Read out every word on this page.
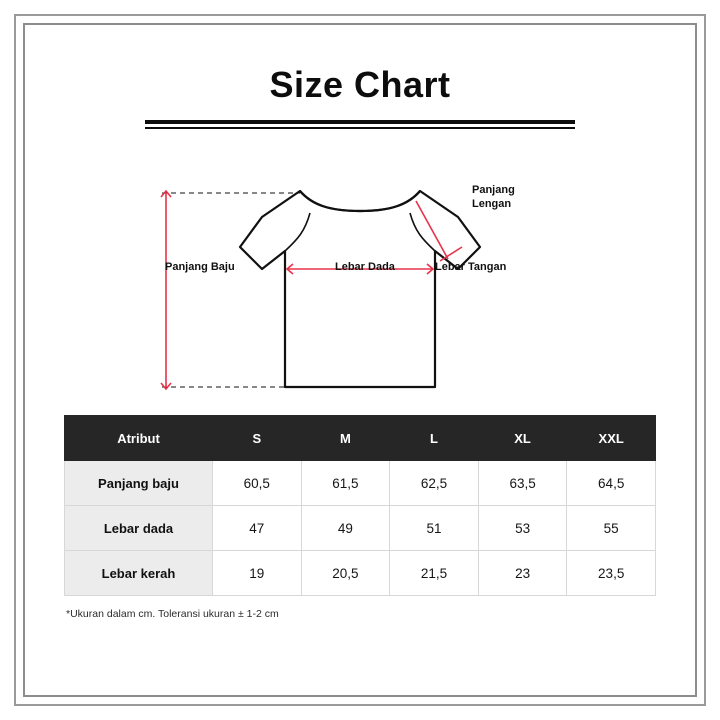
Size Chart
Panjang Baju	Lebar Dada
Panjang
Lengan
Lebar Tangan
Atribut	S	M	L	XL	XXL
Panjang baju	60,5	61,5	62,5	63,5	64,5
Lebar dada	47	49	51	53	55
Lebar kerah	19	20,5	21,5	23	23,5
*Ukuran dalam cm. Toleransi ukuran ± 1-2 cm
